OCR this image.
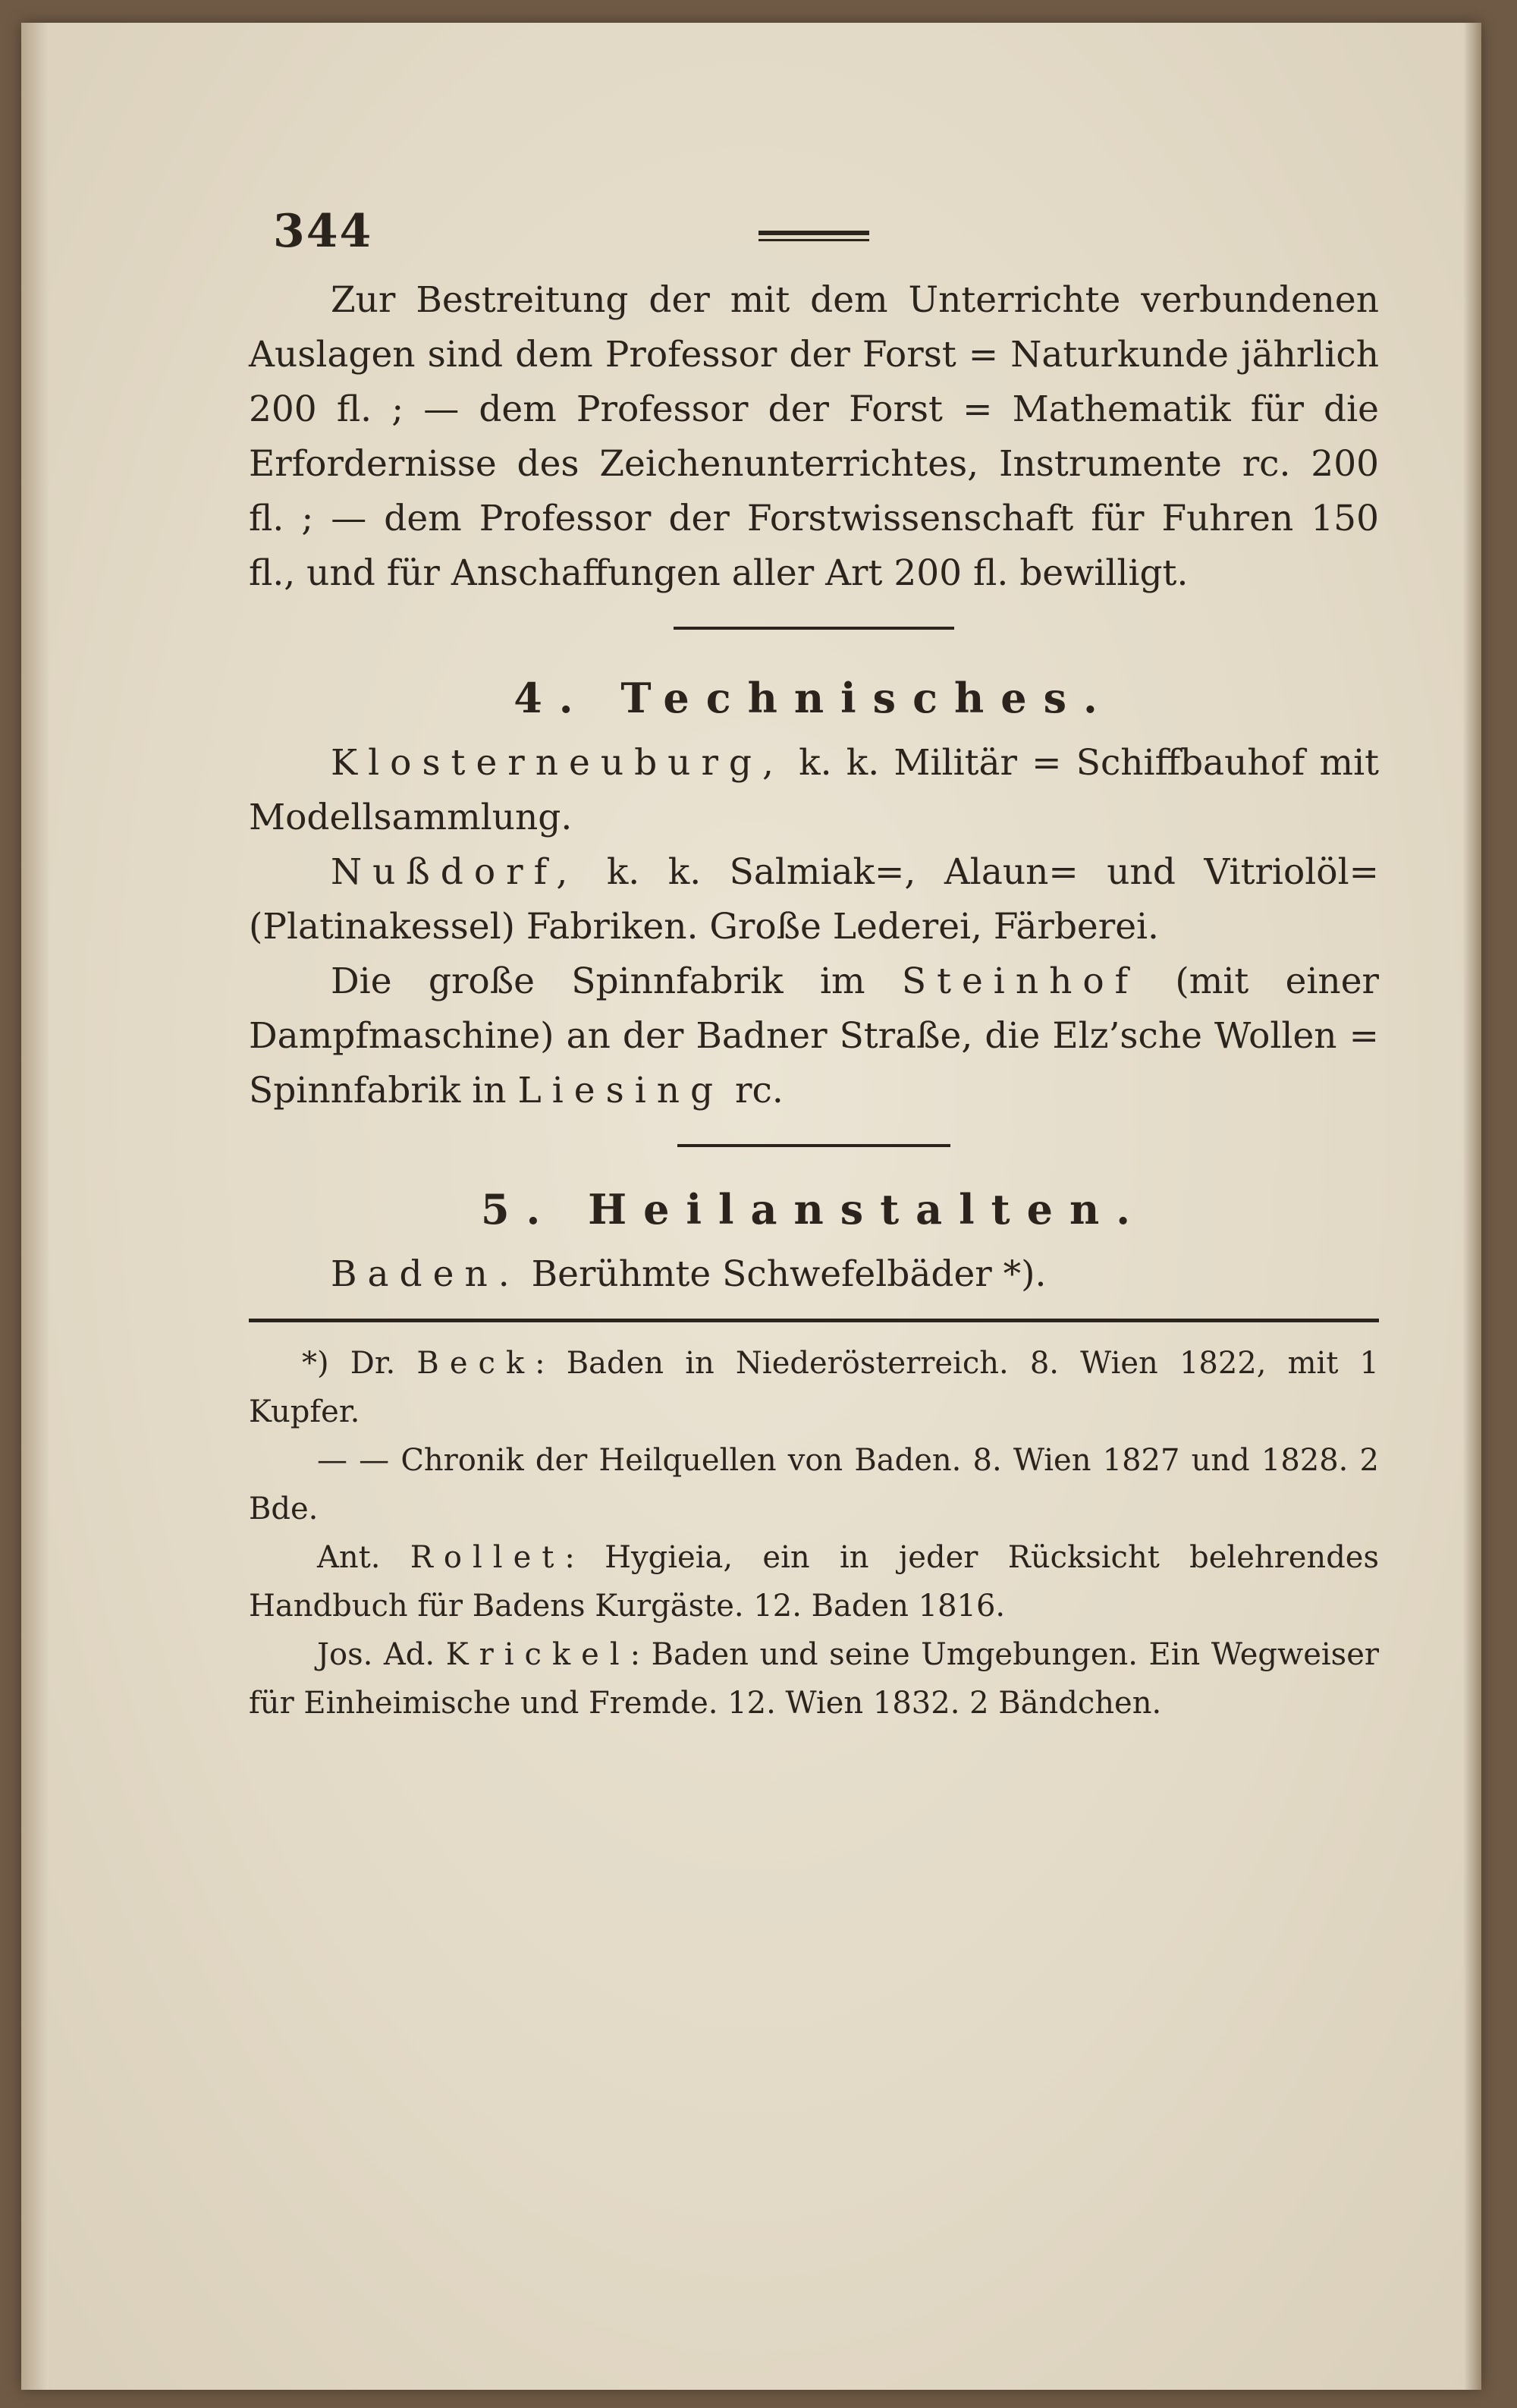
344

Zur Bestreitung der mit dem Unterrichte verbundenen Auslagen sind dem Professor der Forst = Naturkunde jährlich 200 fl. ; — dem Professor der Forst = Mathematik für die Erfordernisse des Zeichenunterrichtes, Instrumente rc. 200 fl. ; — dem Professor der Forstwissenschaft für Fuhren 150 fl., und für Anschaffungen aller Art 200 fl. bewilligt.

4. Technisches.

Klosterneuburg, k. k. Militär = Schiffbauhof mit Modellsammlung.

Nußdorf, k. k. Salmiak=, Alaun= und Vitriolöl= (Platinakessel) Fabriken. Große Lederei, Färberei.

Die große Spinnfabrik im Steinhof (mit einer Dampfmaschine) an der Badner Straße, die Elz’sche Wollen = Spinnfabrik in Liesing rc.

5. Heilanstalten.

Baden. Berühmte Schwefelbäder *).

*) Dr. Beck: Baden in Niederösterreich. 8. Wien 1822, mit 1 Kupfer.

— — Chronik der Heilquellen von Baden. 8. Wien 1827 und 1828. 2 Bde.

Ant. Rollet: Hygieia, ein in jeder Rücksicht belehrendes Handbuch für Badens Kurgäste. 12. Baden 1816.

Jos. Ad. Krickel: Baden und seine Umgebungen. Ein Wegweiser für Einheimische und Fremde. 12. Wien 1832. 2 Bändchen.
